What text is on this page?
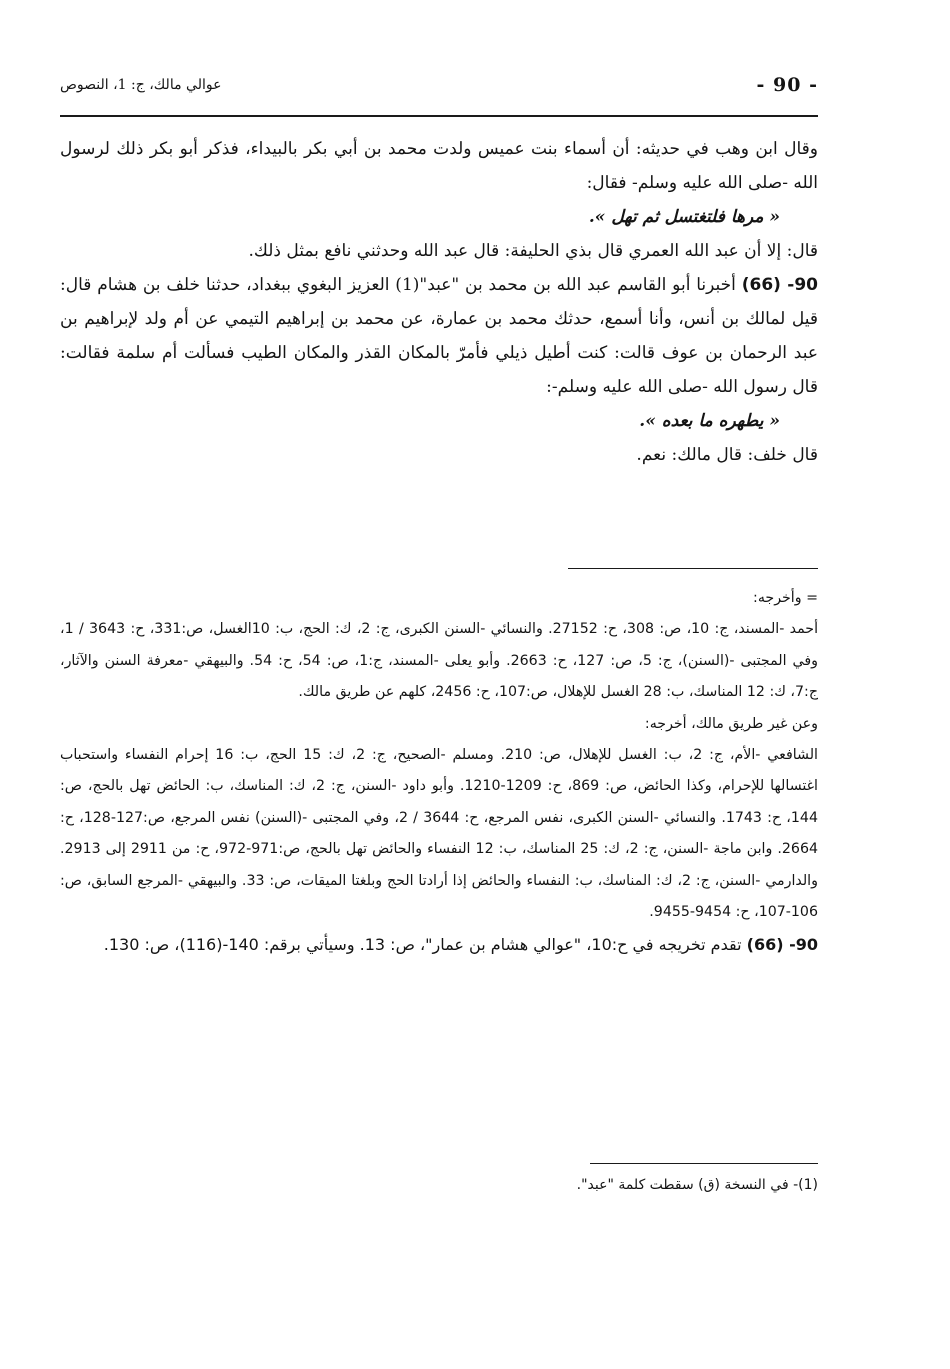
عوالي مالك، ج: 1، النصوص	- 90 -

وقال ابن وهب في حديثه: أن أسماء بنت عميس ولدت محمد بن أبي بكر بالبيداء، فذكر أبو بكر ذلك لرسول الله -صلى الله عليه وسلم- فقال:

« مرها فلتغتسل ثم تهل ».

قال: إلا أن عبد الله العمري قال بذي الحليفة: قال عبد الله وحدثني نافع بمثل ذلك.

90- (66) أخبرنا أبو القاسم عبد الله بن محمد بن "عبد"(1) العزيز البغوي ببغداد، حدثنا خلف بن هشام قال: قيل لمالك بن أنس، وأنا أسمع، حدثك محمد بن عمارة، عن محمد بن إبراهيم التيمي عن أم ولد لإبراهيم بن عبد الرحمان بن عوف قالت: كنت أطيل ذيلي فأمرّ بالمكان القذر والمكان الطيب فسألت أم سلمة فقالت: قال رسول الله -صلى الله عليه وسلم-:

« يطهره ما بعده ».

قال خلف: قال مالك: نعم.

= وأخرجه:

أحمد -المسند، ج: 10، ص: 308، ح: 27152. والنسائي -السنن الكبرى، ج: 2، ك: الحج، ب: 10الغسل، ص:331، ح: 3643 / 1، وفي المجتبى -(السنن)، ج: 5، ص: 127، ح: 2663. وأبو يعلى -المسند، ج:1، ص: 54، ح: 54. والبيهقي -معرفة السنن والآثار، ج:7، ك: 12 المناسك، ب: 28 الغسل للإهلال، ص:107، ح: 2456، كلهم عن طريق مالك.

وعن غير طريق مالك، أخرجه:

الشافعي -الأم، ج: 2، ب: الغسل للإهلال، ص: 210. ومسلم -الصحيح، ج: 2، ك: 15 الحج، ب: 16 إحرام النفساء واستحباب اغتسالها للإحرام، وكذا الحائض، ص: 869، ح: 1209-1210. وأبو داود -السنن، ج: 2، ك: المناسك، ب: الحائض تهل بالحج، ص: 144، ح: 1743. والنسائي -السنن الكبرى، نفس المرجع، ح: 3644 / 2، وفي المجتبى -(السنن) نفس المرجع، ص:127-128، ح: 2664. وابن ماجة -السنن، ج: 2، ك: 25 المناسك، ب: 12 النفساء والحائض تهل بالحج، ص:971-972، ح: من 2911 إلى 2913. والدارمي -السنن، ج: 2، ك: المناسك، ب: النفساء والحائض إذا أرادتا الحج وبلغتا الميقات، ص: 33. والبيهقي -المرجع السابق، ص: 106-107، ح: 9454-9455.

90- (66) تقدم تخريجه في ح:10، "عوالي هشام بن عمار"، ص: 13. وسيأتي برقم: 140-(116)، ص: 130.

(1)- في النسخة (ق) سقطت كلمة "عبد".
